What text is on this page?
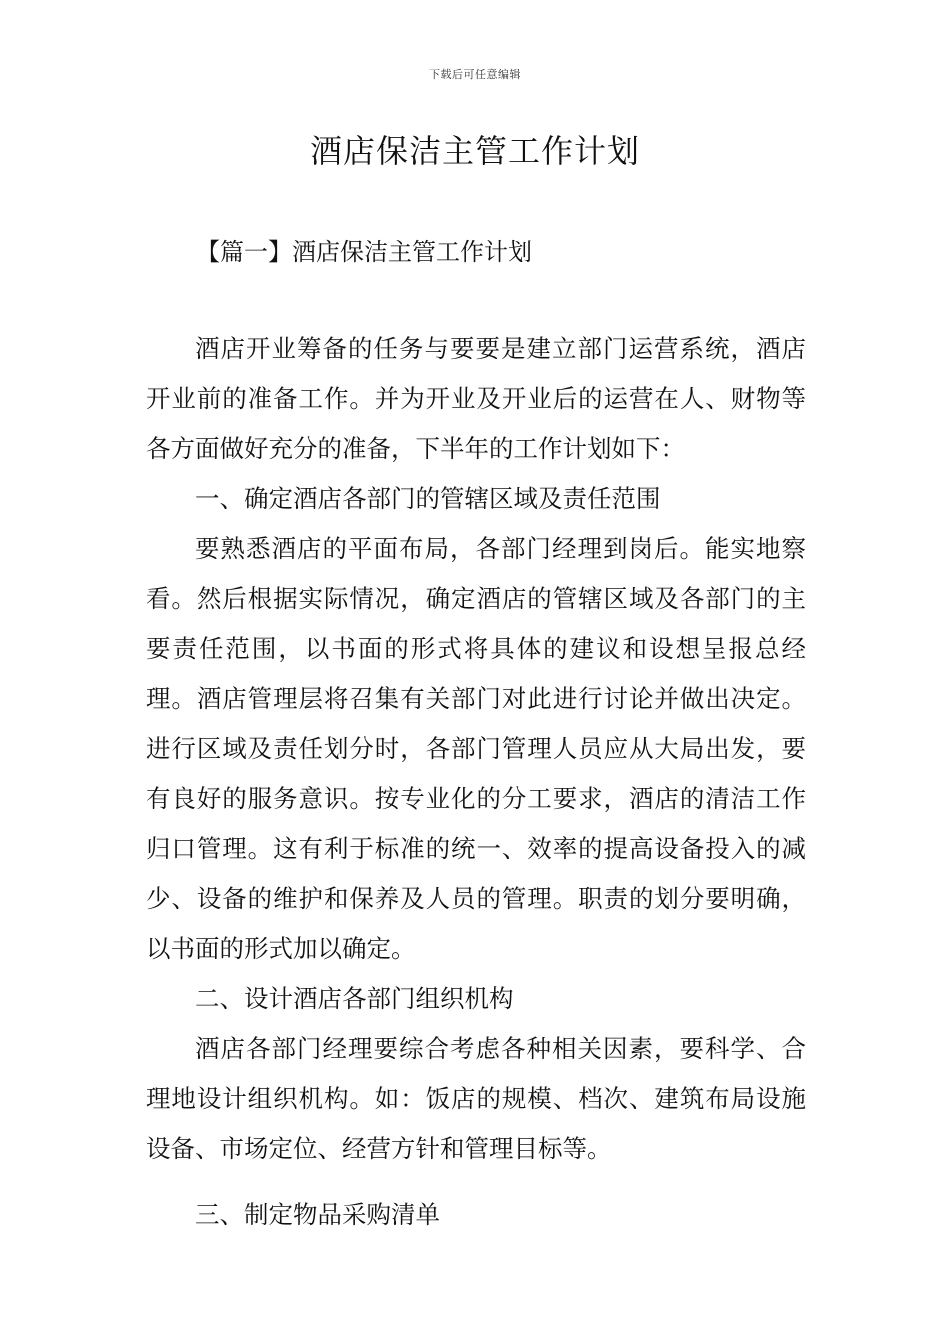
下载后可任意编辑
酒店保洁主管工作计划
【篇一】酒店保洁主管工作计划

酒店开业筹备的任务与要要是建立部门运营系统，酒店开业前的准备工作。并为开业及开业后的运营在人、财物等各方面做好充分的准备，下半年的工作计划如下：

一、确定酒店各部门的管辖区域及责任范围

要熟悉酒店的平面布局，各部门经理到岗后。能实地察看。然后根据实际情况，确定酒店的管辖区域及各部门的主要责任范围，以书面的形式将具体的建议和设想呈报总经理。酒店管理层将召集有关部门对此进行讨论并做出决定。进行区域及责任划分时，各部门管理人员应从大局出发，要有良好的服务意识。按专业化的分工要求，酒店的清洁工作归口管理。这有利于标准的统一、效率的提高设备投入的减少、设备的维护和保养及人员的管理。职责的划分要明确，以书面的形式加以确定。

二、设计酒店各部门组织机构

酒店各部门经理要综合考虑各种相关因素，要科学、合理地设计组织机构。如：饭店的规模、档次、建筑布局设施设备、市场定位、经营方针和管理目标等。

三、制定物品采购清单
